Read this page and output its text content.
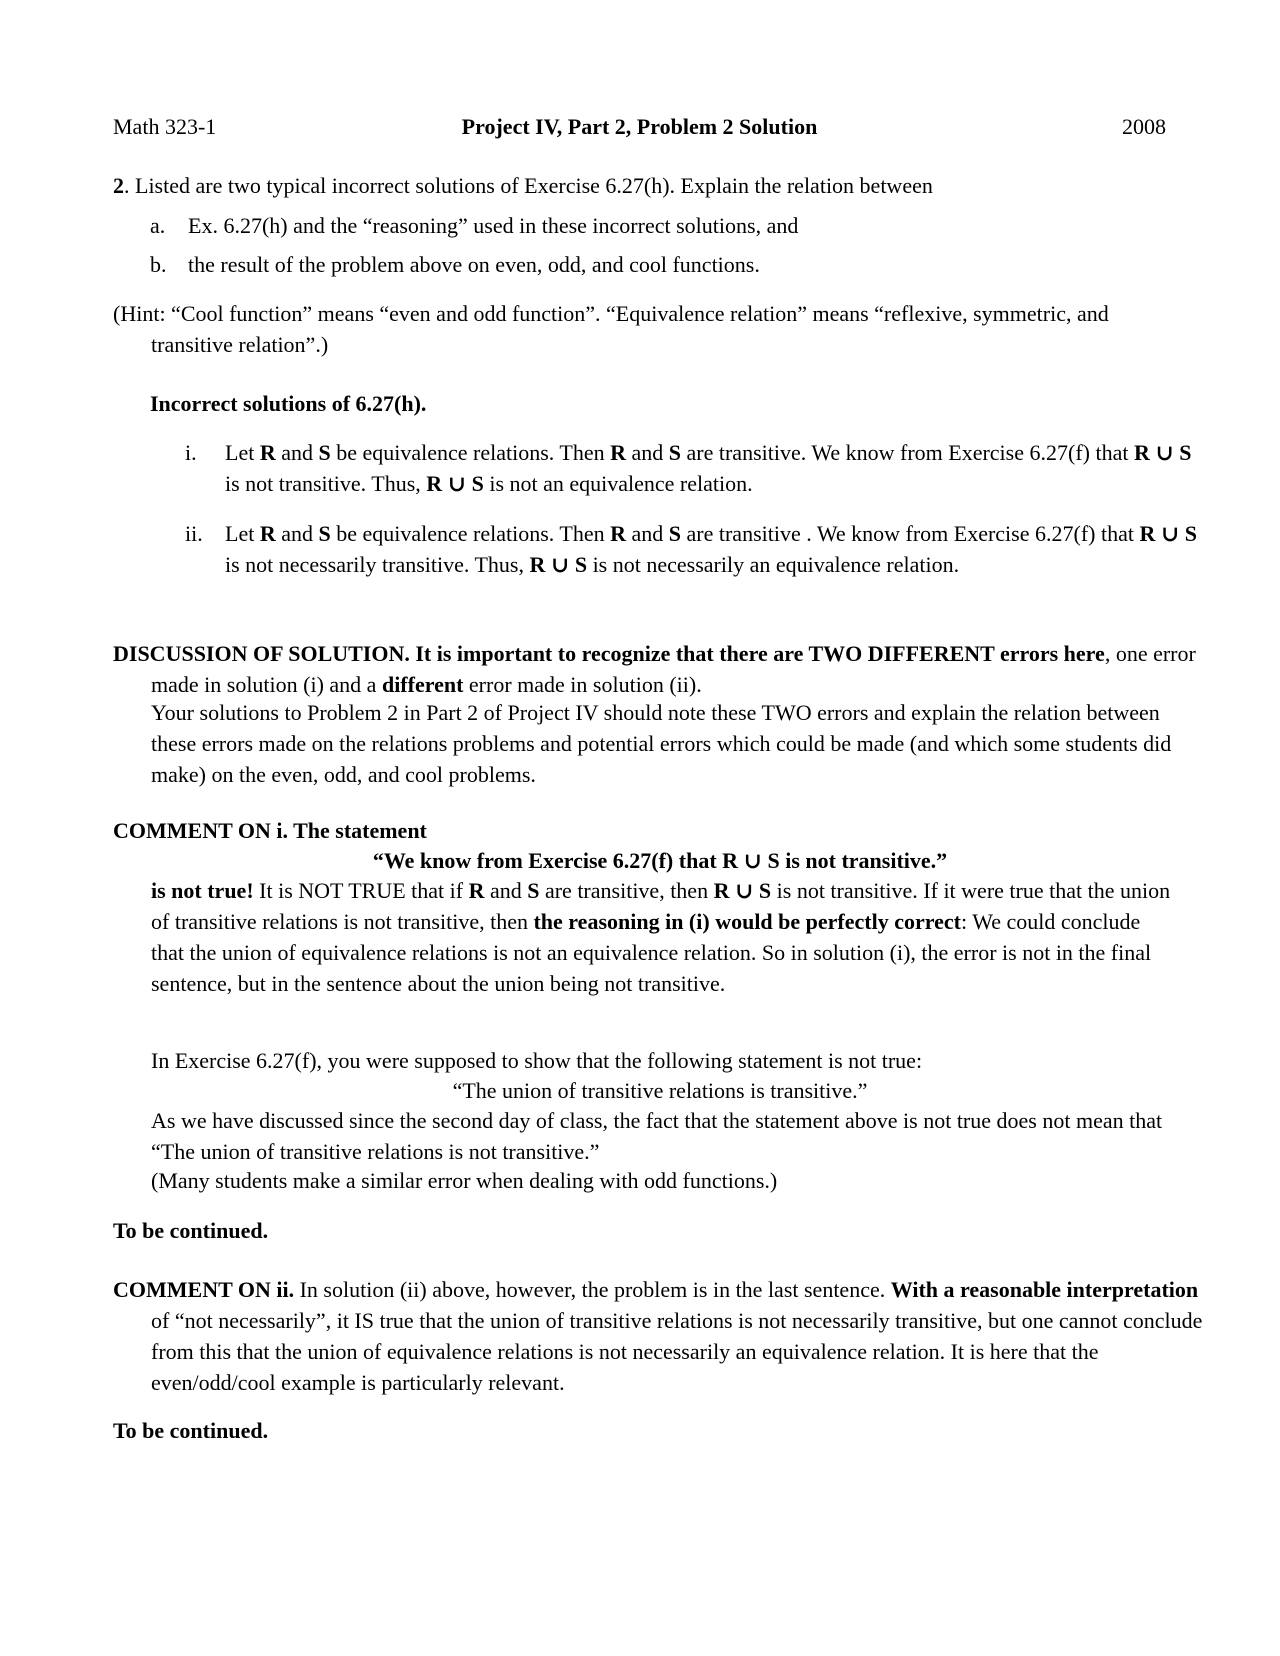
Math 323-1	Project IV, Part 2, Problem 2 Solution	2008
2. Listed are two typical incorrect solutions of Exercise 6.27(h). Explain the relation between
a. Ex. 6.27(h) and the “reasoning” used in these incorrect solutions, and
b. the result of the problem above on even, odd, and cool functions.
(Hint: “Cool function” means “even and odd function”. “Equivalence relation” means “reflexive, symmetric, and transitive relation”.)
Incorrect solutions of 6.27(h).
i. Let R and S be equivalence relations. Then R and S are transitive. We know from Exercise 6.27(f) that R ∪ S is not transitive. Thus, R ∪ S is not an equivalence relation.
ii. Let R and S be equivalence relations. Then R and S are transitive . We know from Exercise 6.27(f) that R ∪ S is not necessarily transitive. Thus, R ∪ S is not necessarily an equivalence relation.
DISCUSSION OF SOLUTION. It is important to recognize that there are TWO DIFFERENT errors here, one error made in solution (i) and a different error made in solution (ii).
Your solutions to Problem 2 in Part 2 of Project IV should note these TWO errors and explain the relation between these errors made on the relations problems and potential errors which could be made (and which some students did make) on the even, odd, and cool problems.
COMMENT ON i. The statement
“We know from Exercise 6.27(f) that R ∪ S is not transitive.”
is not true! It is NOT TRUE that if R and S are transitive, then R ∪ S is not transitive. If it were true that the union of transitive relations is not transitive, then the reasoning in (i) would be perfectly correct: We could conclude that the union of equivalence relations is not an equivalence relation. So in solution (i), the error is not in the final sentence, but in the sentence about the union being not transitive.
In Exercise 6.27(f), you were supposed to show that the following statement is not true:
“The union of transitive relations is transitive.”
As we have discussed since the second day of class, the fact that the statement above is not true does not mean that “The union of transitive relations is not transitive.”
(Many students make a similar error when dealing with odd functions.)
To be continued.
COMMENT ON ii. In solution (ii) above, however, the problem is in the last sentence. With a reasonable interpretation of “not necessarily”, it IS true that the union of transitive relations is not necessarily transitive, but one cannot conclude from this that the union of equivalence relations is not necessarily an equivalence relation. It is here that the even/odd/cool example is particularly relevant.
To be continued.
